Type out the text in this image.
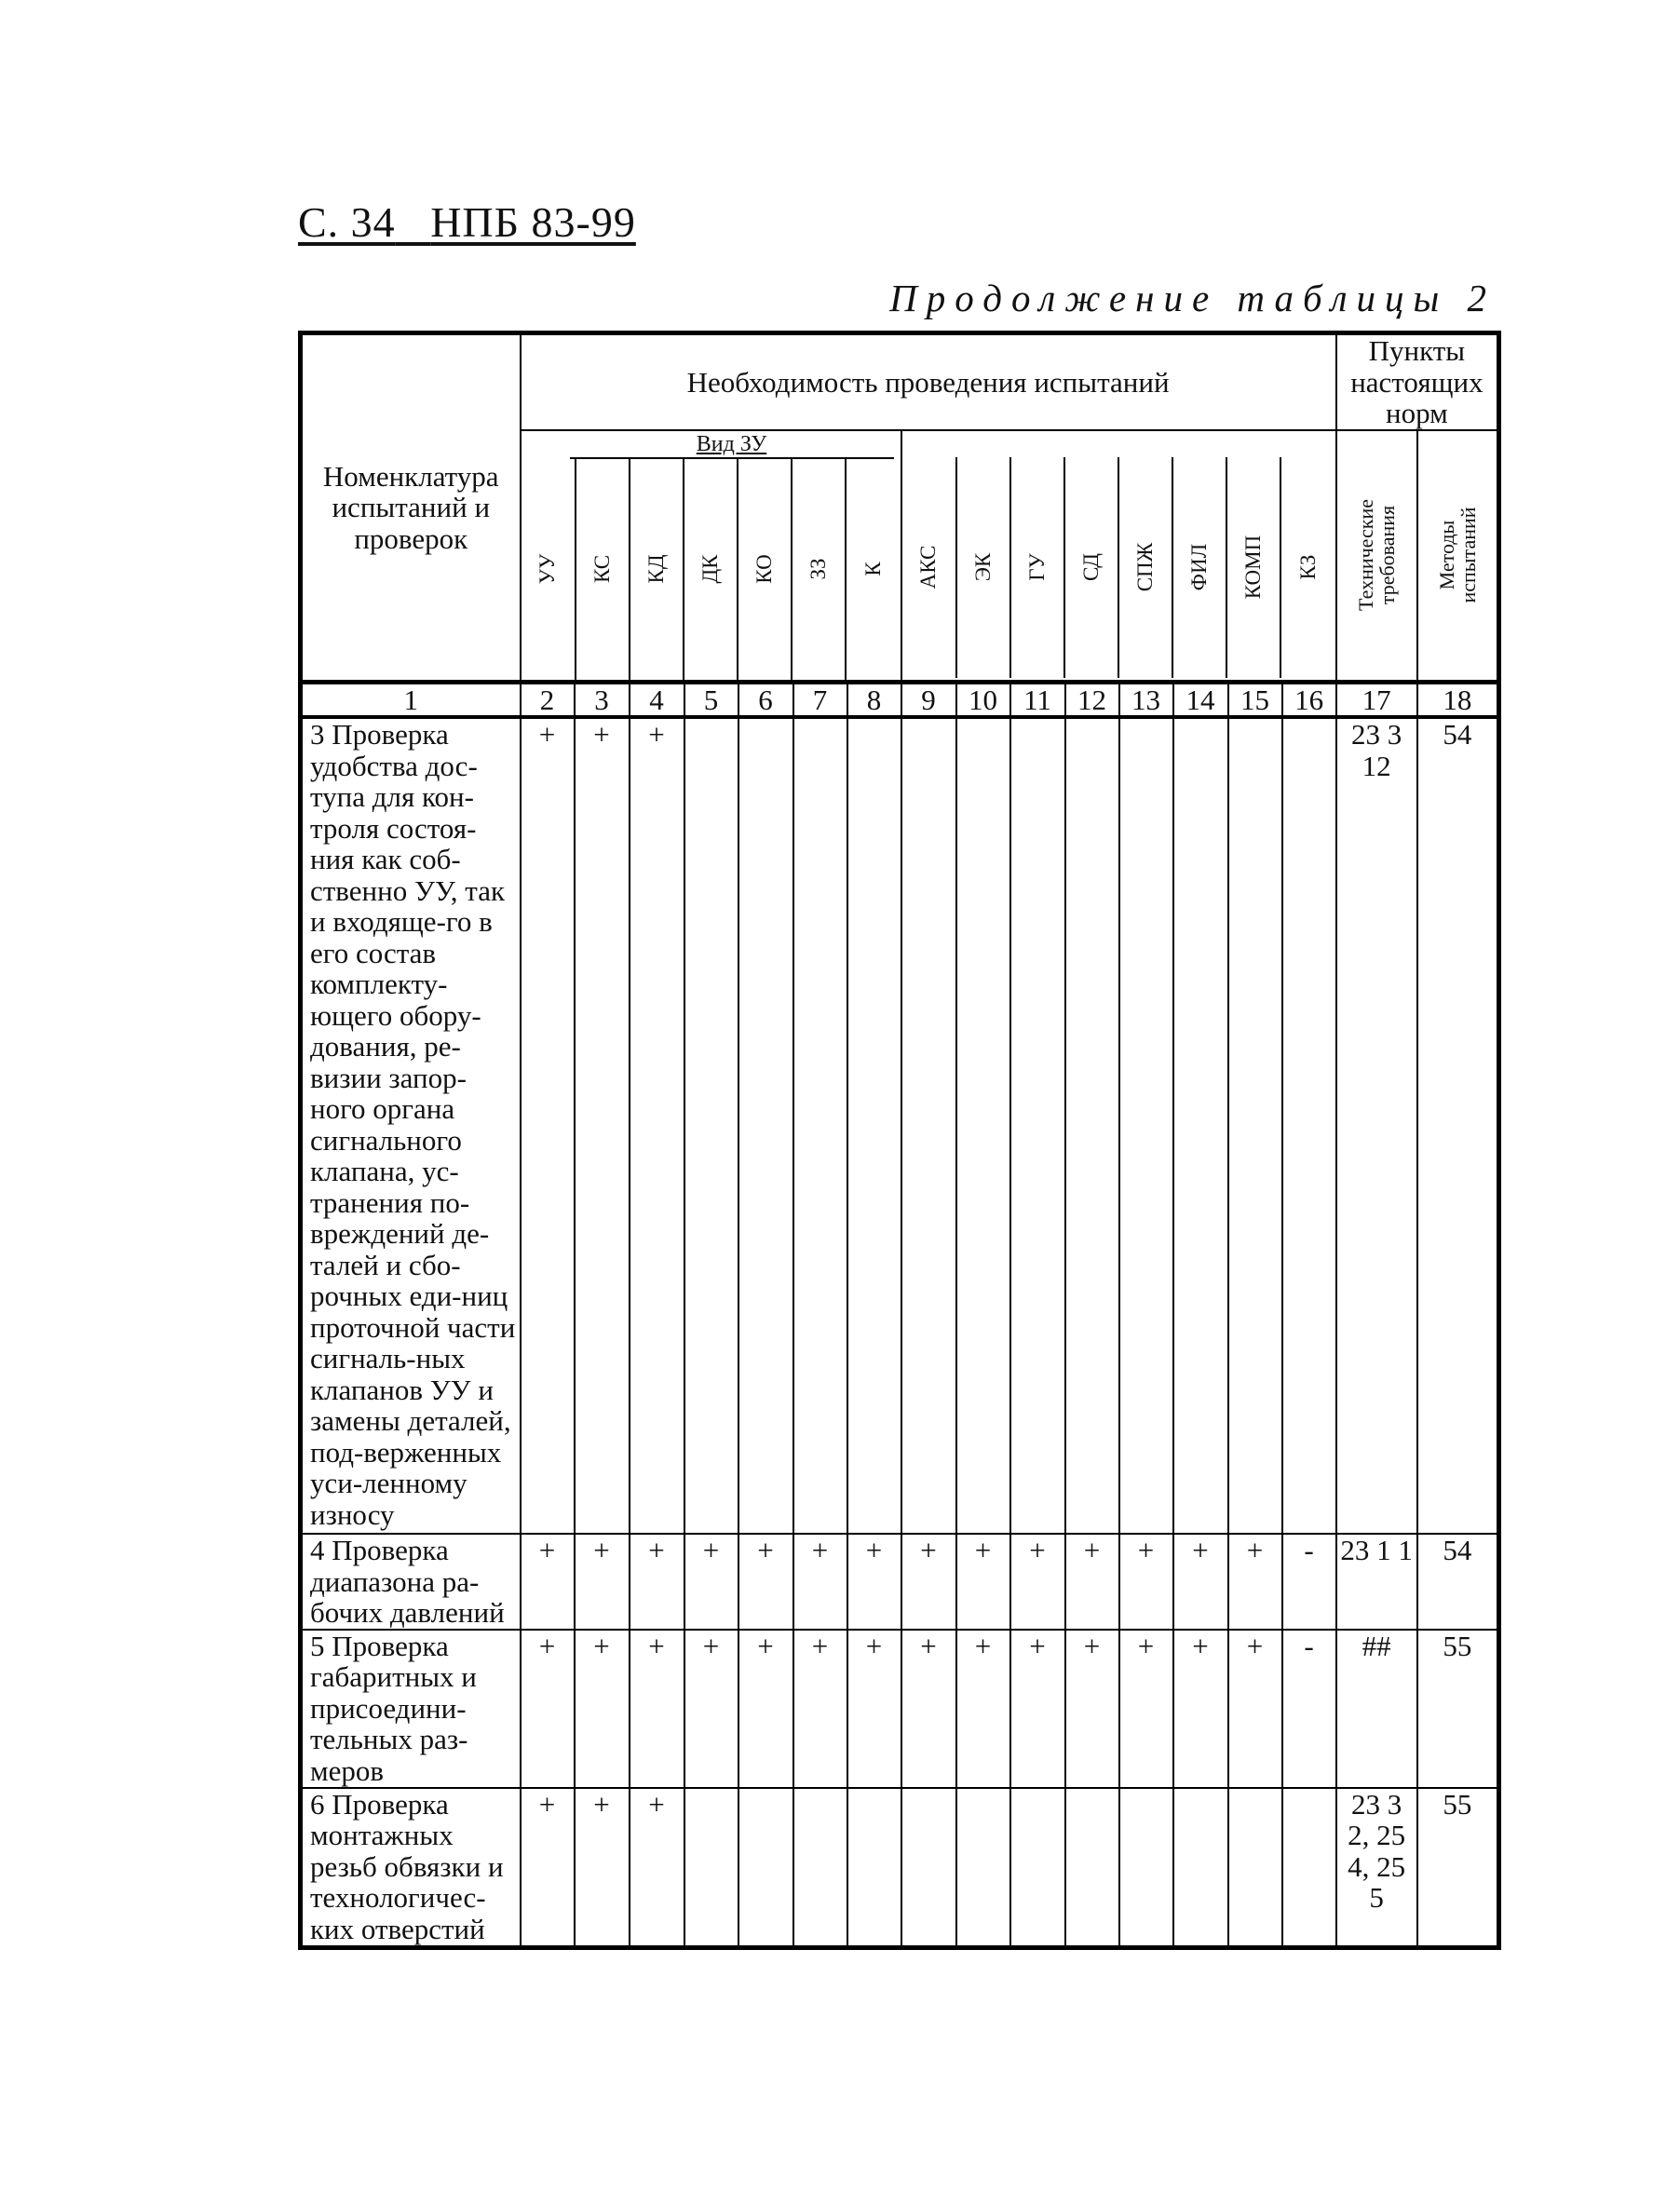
С. 34 НПБ 83-99
Продолжение таблицы 2
Номенклатура испытаний и проверок

Необходимость проведения испытаний

Пункты настоящих норм

Вид ЗУ
УУ	КС	КД	ДК	КО	ЗЗ	К
	АКС	ЭК	ГУ	СД	СПЖ	ФИЛ	КОМП	КЗ
	Технические требования	Методы испытаний

1	2	3	4	5	6	7	8	9	10	11	12	13	14	15	16	17	18
3 Проверка удобства дос-тупа для кон-троля состоя-ния как соб-ственно УУ, так и входяще-го в его состав комплекту-ющего обору-дования, ре-визии запор-ного органа сигнального клапана, ус-транения по-вреждений де-талей и сбо-рочных еди-ниц проточной части сигналь-ных клапанов УУ и замены деталей, под-верженных уси-ленному износу	+	+	+													23 3 12	54
4 Проверка диапазона ра-бочих давлений	+	+	+	+	+	+	+	+	+	+	+	+	+	+	-	23 1 1	54
5 Проверка габаритных и присоедини-тельных раз-меров	+	+	+	+	+	+	+	+	+	+	+	+	+	+	-	##	55
6 Проверка монтажных резьб обвязки и технологичес-ких отверстий	+	+	+													23 3 2, 25 4, 25 5	55
